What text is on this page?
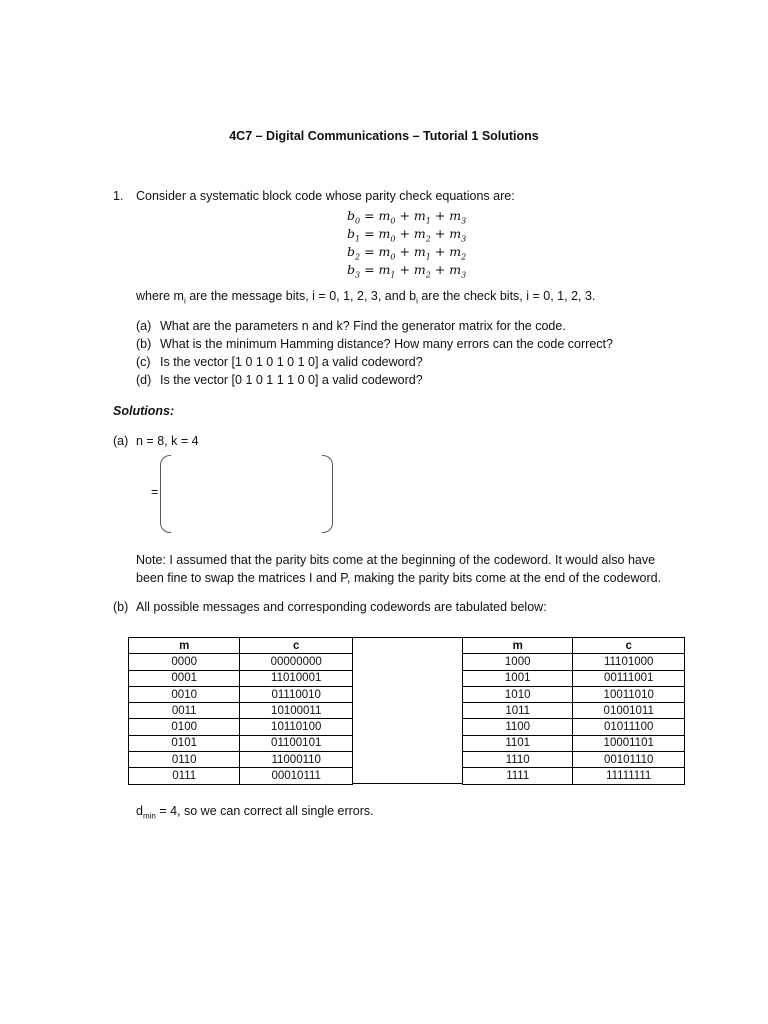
4C7 – Digital Communications – Tutorial 1 Solutions
1. Consider a systematic block code whose parity check equations are:
$b_0 = m_0 + m_1 + m_3$
$b_1 = m_0 + m_2 + m_3$
$b_2 = m_0 + m_1 + m_2$
$b_3 = m_1 + m_2 + m_3$
where $m_i$ are the message bits, i = 0, 1, 2, 3, and $b_i$ are the check bits, i = 0, 1, 2, 3.
(a) What are the parameters n and k? Find the generator matrix for the code.
(b) What is the minimum Hamming distance? How many errors can the code correct?
(c) Is the vector [1 0 1 0 1 0 1 0] a valid codeword?
(d) Is the vector [0 1 0 1 1 1 0 0] a valid codeword?
Solutions:
(a) n = 8, k = 4
=
Note: I assumed that the parity bits come at the beginning of the codeword. It would also have
been fine to swap the matrices I and P, making the parity bits come at the end of the codeword.
(b) All possible messages and corresponding codewords are tabulated below:
m	c
0000	00000000
0001	11010001
0010	01110010
0011	10100011
0100	10110100
0101	01100101
0110	11000110
0111	00010111
m	c
1000	11101000
1001	00111001
1010	10011010
1011	01001011
1100	01011100
1101	10001101
1110	00101110
1111	11111111
$d_{min} = 4$, so we can correct all single errors.
